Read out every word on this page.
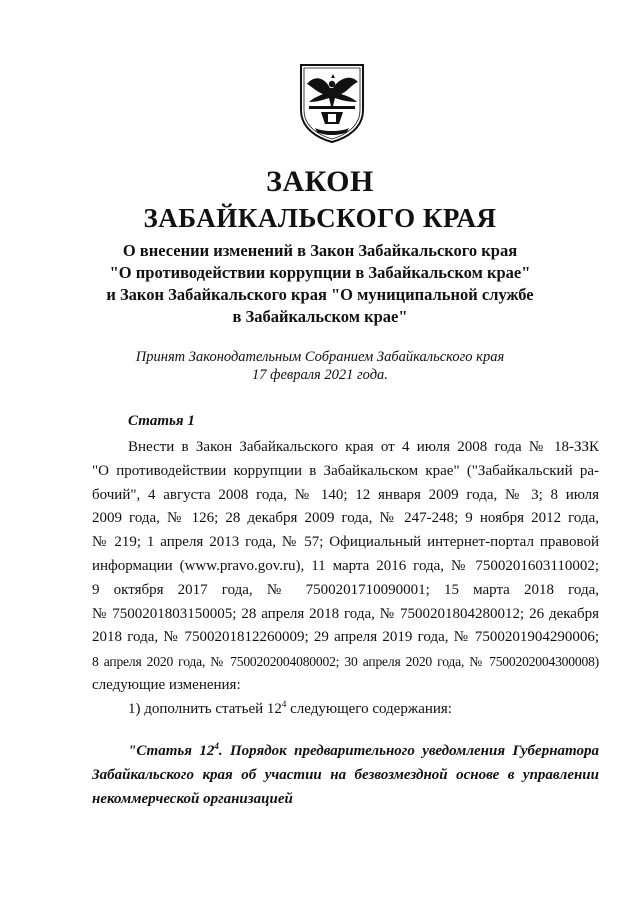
ЗАКОН
ЗАБАЙКАЛЬСКОГО КРАЯ
О внесении изменений в Закон Забайкальского края
"О противодействии коррупции в Забайкальском крае"
и Закон Забайкальского края "О муниципальной службе
в Забайкальском крае"
Принят Законодательным Собранием Забайкальского края
17 февраля 2021 года.
Статья 1
Внести в Закон Забайкальского края от 4 июля 2008 года № 18-ЗЗК
"О противодействии коррупции в Забайкальском крае" ("Забайкальский ра-
бочий", 4 августа 2008 года, № 140; 12 января 2009 года, № 3; 8 июля
2009 года, № 126; 28 декабря 2009 года, № 247-248; 9 ноября 2012 года,
№ 219; 1 апреля 2013 года, № 57; Официальный интернет-портал правовой
информации (www.pravo.gov.ru), 11 марта 2016 года, № 7500201603110002;
9 октября 2017 года, № 7500201710090001; 15 марта 2018 года,
№ 7500201803150005; 28 апреля 2018 года, № 7500201804280012; 26 декабря
2018 года, № 7500201812260009; 29 апреля 2019 года, № 7500201904290006;
8 апреля 2020 года, № 7500202004080002; 30 апреля 2020 года, № 7500202004300008)
следующие изменения:

1) дополнить статьей $12^4$ следующего содержания:

"Статья $12^4$. Порядок предварительного уведомления Губернатора
Забайкальского края об участии на безвозмездной основе в управлении
некоммерческой организацией
